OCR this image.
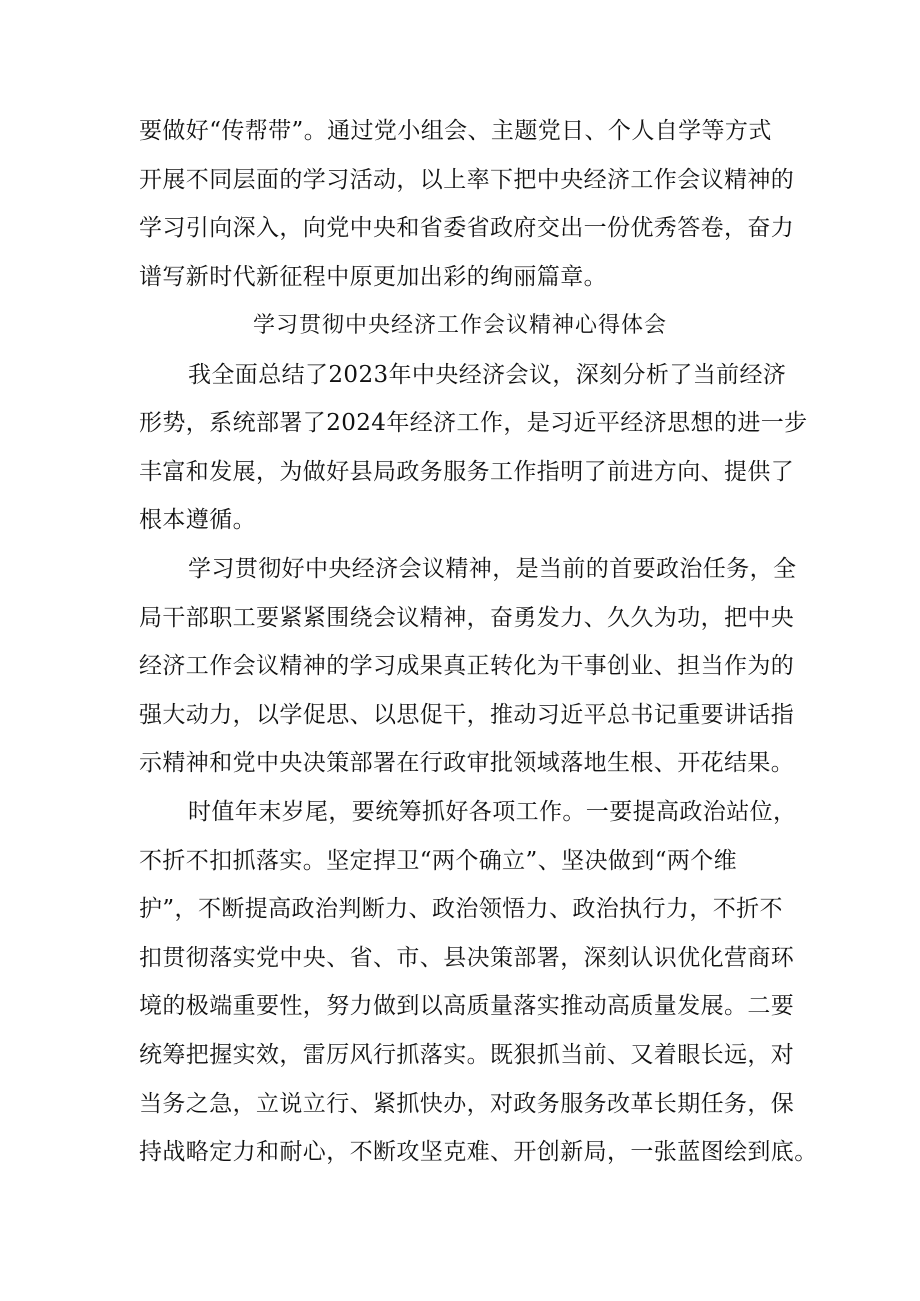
要做好“传帮带”。通过党小组会、主题党日、个人自学等方式
开展不同层面的学习活动，以上率下把中央经济工作会议精神的
学习引向深入，向党中央和省委省政府交出一份优秀答卷，奋力
谱写新时代新征程中原更加出彩的绚丽篇章。
学习贯彻中央经济工作会议精神心得体会
我全面总结了2023年中央经济会议，深刻分析了当前经济
形势，系统部署了2024年经济工作，是习近平经济思想的进一步
丰富和发展，为做好县局政务服务工作指明了前进方向、提供了
根本遵循。
学习贯彻好中央经济会议精神，是当前的首要政治任务，全
局干部职工要紧紧围绕会议精神，奋勇发力、久久为功，把中央
经济工作会议精神的学习成果真正转化为干事创业、担当作为的
强大动力，以学促思、以思促干，推动习近平总书记重要讲话指
示精神和党中央决策部署在行政审批领域落地生根、开花结果。
时值年末岁尾，要统筹抓好各项工作。一要提高政治站位，
不折不扣抓落实。坚定捍卫“两个确立”、坚决做到“两个维
护”，不断提高政治判断力、政治领悟力、政治执行力，不折不
扣贯彻落实党中央、省、市、县决策部署，深刻认识优化营商环
境的极端重要性，努力做到以高质量落实推动高质量发展。二要
统筹把握实效，雷厉风行抓落实。既狠抓当前、又着眼长远，对
当务之急，立说立行、紧抓快办，对政务服务改革长期任务，保
持战略定力和耐心，不断攻坚克难、开创新局，一张蓝图绘到底。
